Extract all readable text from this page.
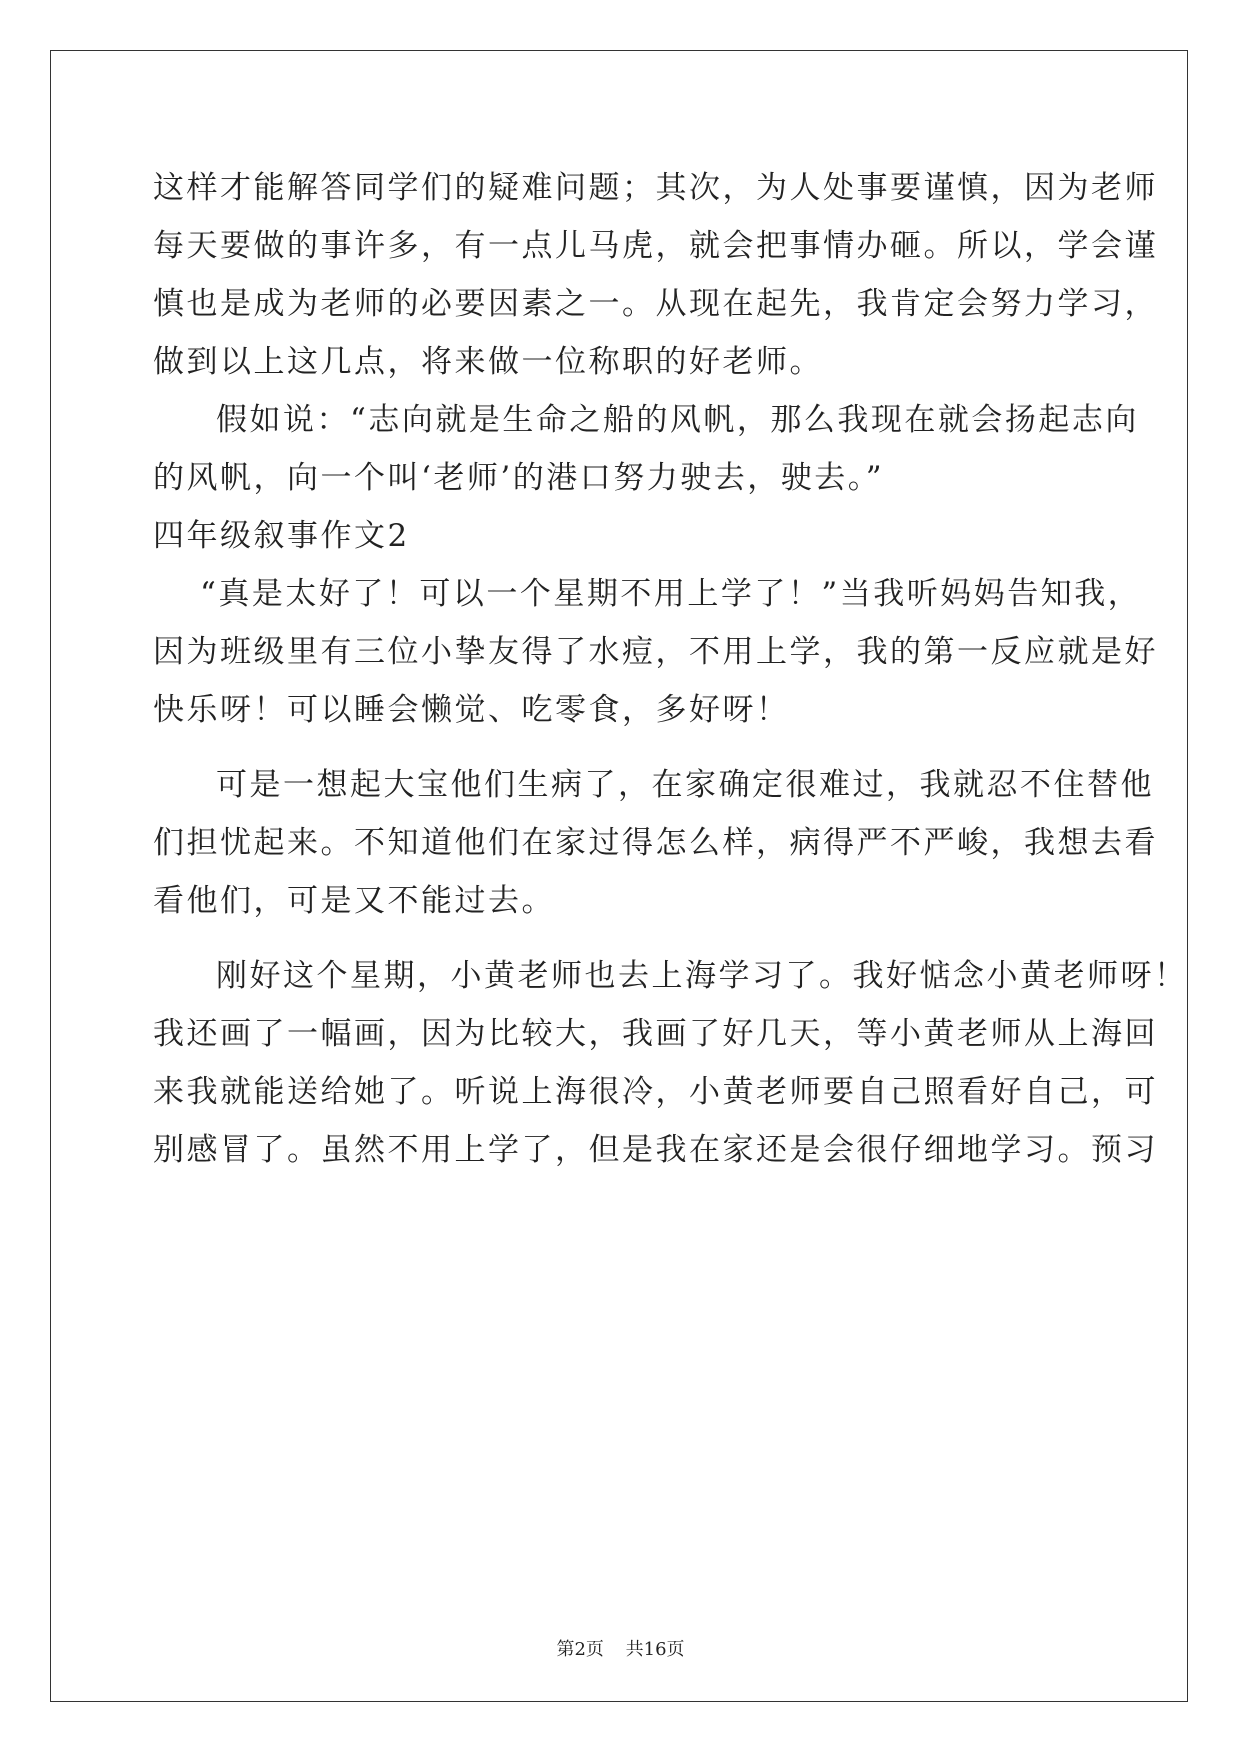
这样才能解答同学们的疑难问题；其次，为人处事要谨慎，因为老师
每天要做的事许多，有一点儿马虎，就会把事情办砸。所以，学会谨
慎也是成为老师的必要因素之一。从现在起先，我肯定会努力学习，
做到以上这几点，将来做一位称职的好老师。
假如说：“志向就是生命之船的风帆，那么我现在就会扬起志向
的风帆，向一个叫‘老师’的港口努力驶去，驶去。”
四年级叙事作文2
“真是太好了！可以一个星期不用上学了！”当我听妈妈告知我，
因为班级里有三位小挚友得了水痘，不用上学，我的第一反应就是好
快乐呀！可以睡会懒觉、吃零食，多好呀！
可是一想起大宝他们生病了，在家确定很难过，我就忍不住替他
们担忧起来。不知道他们在家过得怎么样，病得严不严峻，我想去看
看他们，可是又不能过去。
刚好这个星期，小黄老师也去上海学习了。我好惦念小黄老师呀！
我还画了一幅画，因为比较大，我画了好几天，等小黄老师从上海回
来我就能送给她了。听说上海很冷，小黄老师要自己照看好自己，可
别感冒了。虽然不用上学了，但是我在家还是会很仔细地学习。预习
第2页 共16页
